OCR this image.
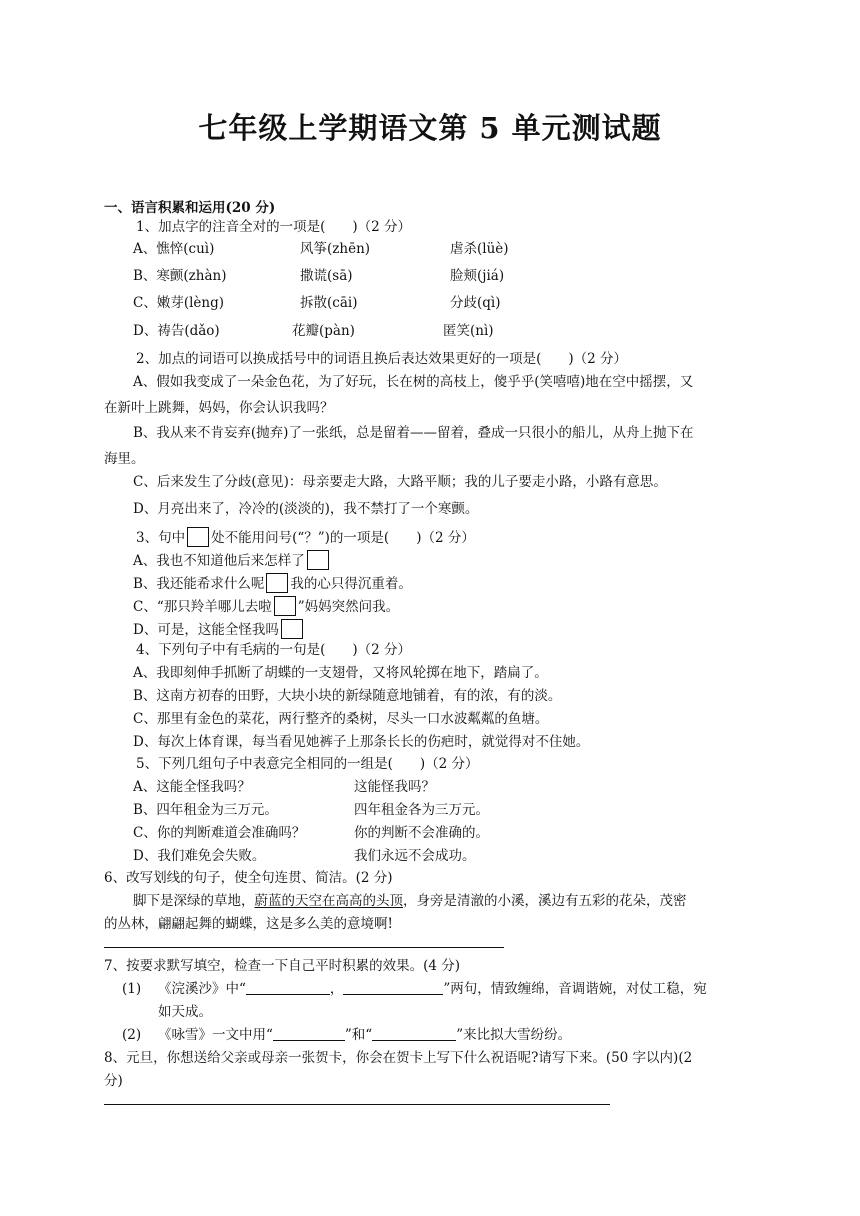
七年级上学期语文第 5 单元测试题
一、语言积累和运用(20 分)
1、加点字的注音全对的一项是(　　)（2 分）
A、憔悴(cuì)	风筝(zhēn)	虐杀(lüè)
B、寒颤(zhàn)	撒谎(sā)	脸颊(jiá)
C、嫩芽(lèng)	拆散(cāi)	分歧(qì)
D、祷告(dǎo)	花瓣(pàn)	匿笑(nì)
2、加点的词语可以换成括号中的词语且换后表达效果更好的一项是(　　)（2 分）
A、假如我变成了一朵金色花，为了好玩，长在树的高枝上，傻乎乎(笑嘻嘻)地在空中摇摆，又
在新叶上跳舞，妈妈，你会认识我吗？
B、我从来不肯妄弃(抛弃)了一张纸，总是留着——留着，叠成一只很小的船儿，从舟上抛下在
海里。
C、后来发生了分歧(意见)：母亲要走大路，大路平顺；我的儿子要走小路，小路有意思。
D、月亮出来了，冷冷的(淡淡的)，我不禁打了一个寒颤。
3、句中 处不能用问号(“？”)的一项是(　　)（2 分）
A、我也不知道他后来怎样了
B、我还能希求什么呢 我的心只得沉重着。
C、“那只羚羊哪儿去啦 ”妈妈突然问我。
D、可是，这能全怪我吗
4、下列句子中有毛病的一句是(　　)（2 分）
A、我即刻伸手抓断了胡蝶的一支翅骨，又将风轮掷在地下，踏扁了。
B、这南方初春的田野，大块小块的新绿随意地铺着，有的浓，有的淡。
C、那里有金色的菜花，两行整齐的桑树，尽头一口水波粼粼的鱼塘。
D、每次上体育课，每当看见她裤子上那条长长的伤疤时，就觉得对不住她。
5、下列几组句子中表意完全相同的一组是(　　)（2 分）
A、这能全怪我吗？	这能怪我吗？
B、四年租金为三万元。	四年租金各为三万元。
C、你的判断难道会准确吗？	你的判断不会准确的。
D、我们难免会失败。	我们永远不会成功。
6、改写划线的句子，使全句连贯、简洁。(2 分)
脚下是深绿的草地，蔚蓝的天空在高高的头顶，身旁是清澈的小溪，溪边有五彩的花朵，茂密
的丛林，翩翩起舞的蝴蝶，这是多么美的意境啊!
7、按要求默写填空，检查一下自己平时积累的效果。(4 分)
(1) 《浣溪沙》中“	，	”两句，情致缠绵，音调谐婉，对仗工稳，宛
如天成。
(2) 《咏雪》一文中用“	”和“	”来比拟大雪纷纷。
8、元旦，你想送给父亲或母亲一张贺卡，你会在贺卡上写下什么祝语呢?请写下来。(50 字以内)(2
分)
